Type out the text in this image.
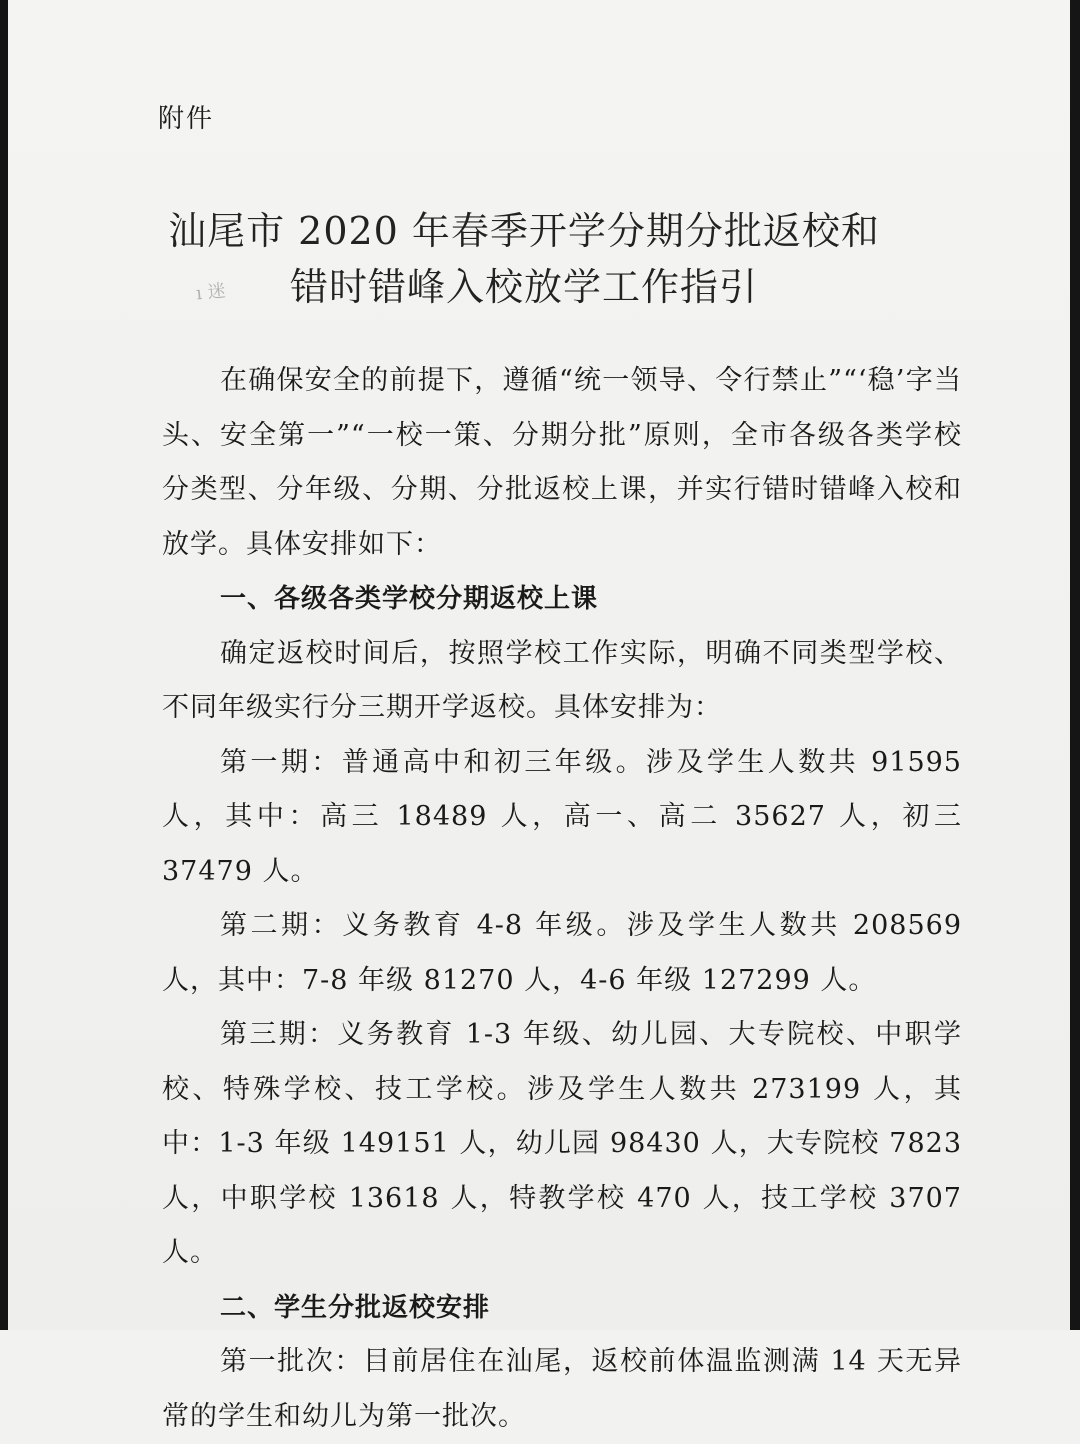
附件
汕尾市 2020 年春季开学分期分批返校和
错时错峰入校放学工作指引
ı 迷

在确保安全的前提下，遵循“统一领导、令行禁止”“‘稳’字当头、安全第一”“一校一策、分期分批”原则，全市各级各类学校分类型、分年级、分期、分批返校上课，并实行错时错峰入校和放学。具体安排如下：

一、各级各类学校分期返校上课

确定返校时间后，按照学校工作实际，明确不同类型学校、不同年级实行分三期开学返校。具体安排为：

第一期：普通高中和初三年级。涉及学生人数共 91595 人，其中：高三 18489 人，高一、高二 35627 人，初三 37479 人。

第二期：义务教育 4-8 年级。涉及学生人数共 208569 人，其中：7-8 年级 81270 人，4-6 年级 127299 人。

第三期：义务教育 1-3 年级、幼儿园、大专院校、中职学校、特殊学校、技工学校。涉及学生人数共 273199 人，其中：1-3 年级 149151 人，幼儿园 98430 人，大专院校 7823 人，中职学校 13618 人，特教学校 470 人，技工学校 3707 人。

二、学生分批返校安排

第一批次：目前居住在汕尾，返校前体温监测满 14 天无异常的学生和幼儿为第一批次。
